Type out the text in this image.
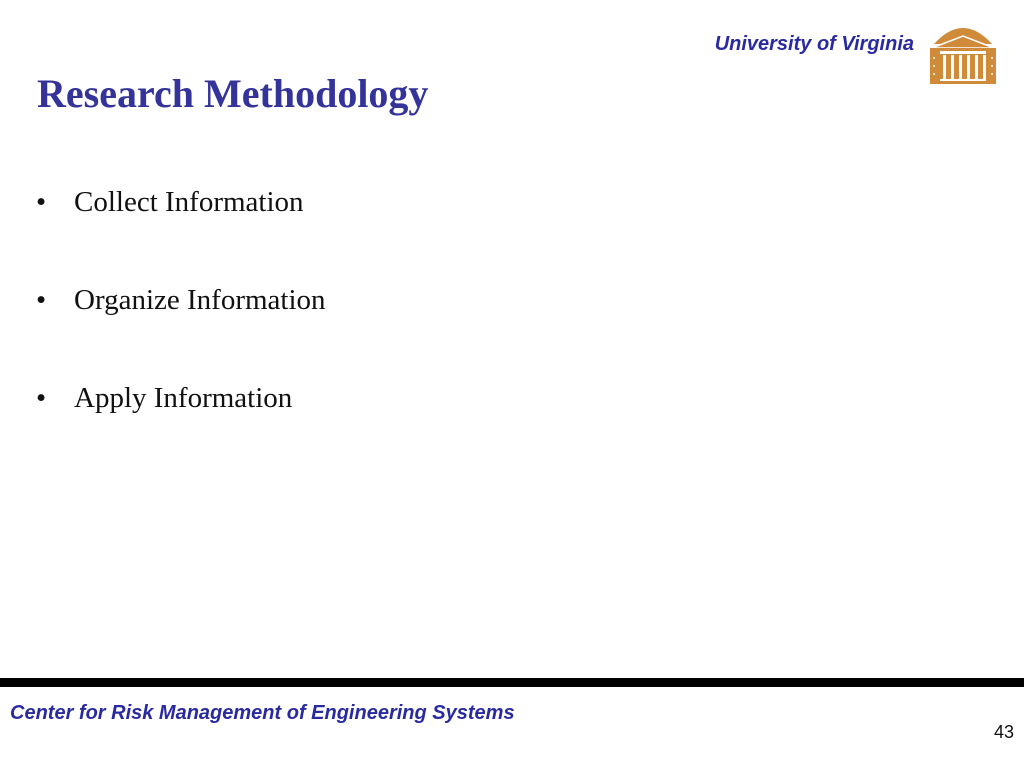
University of Virginia
Research Methodology
• Collect Information
• Organize Information
• Apply Information
Center for Risk Management of Engineering Systems
43
